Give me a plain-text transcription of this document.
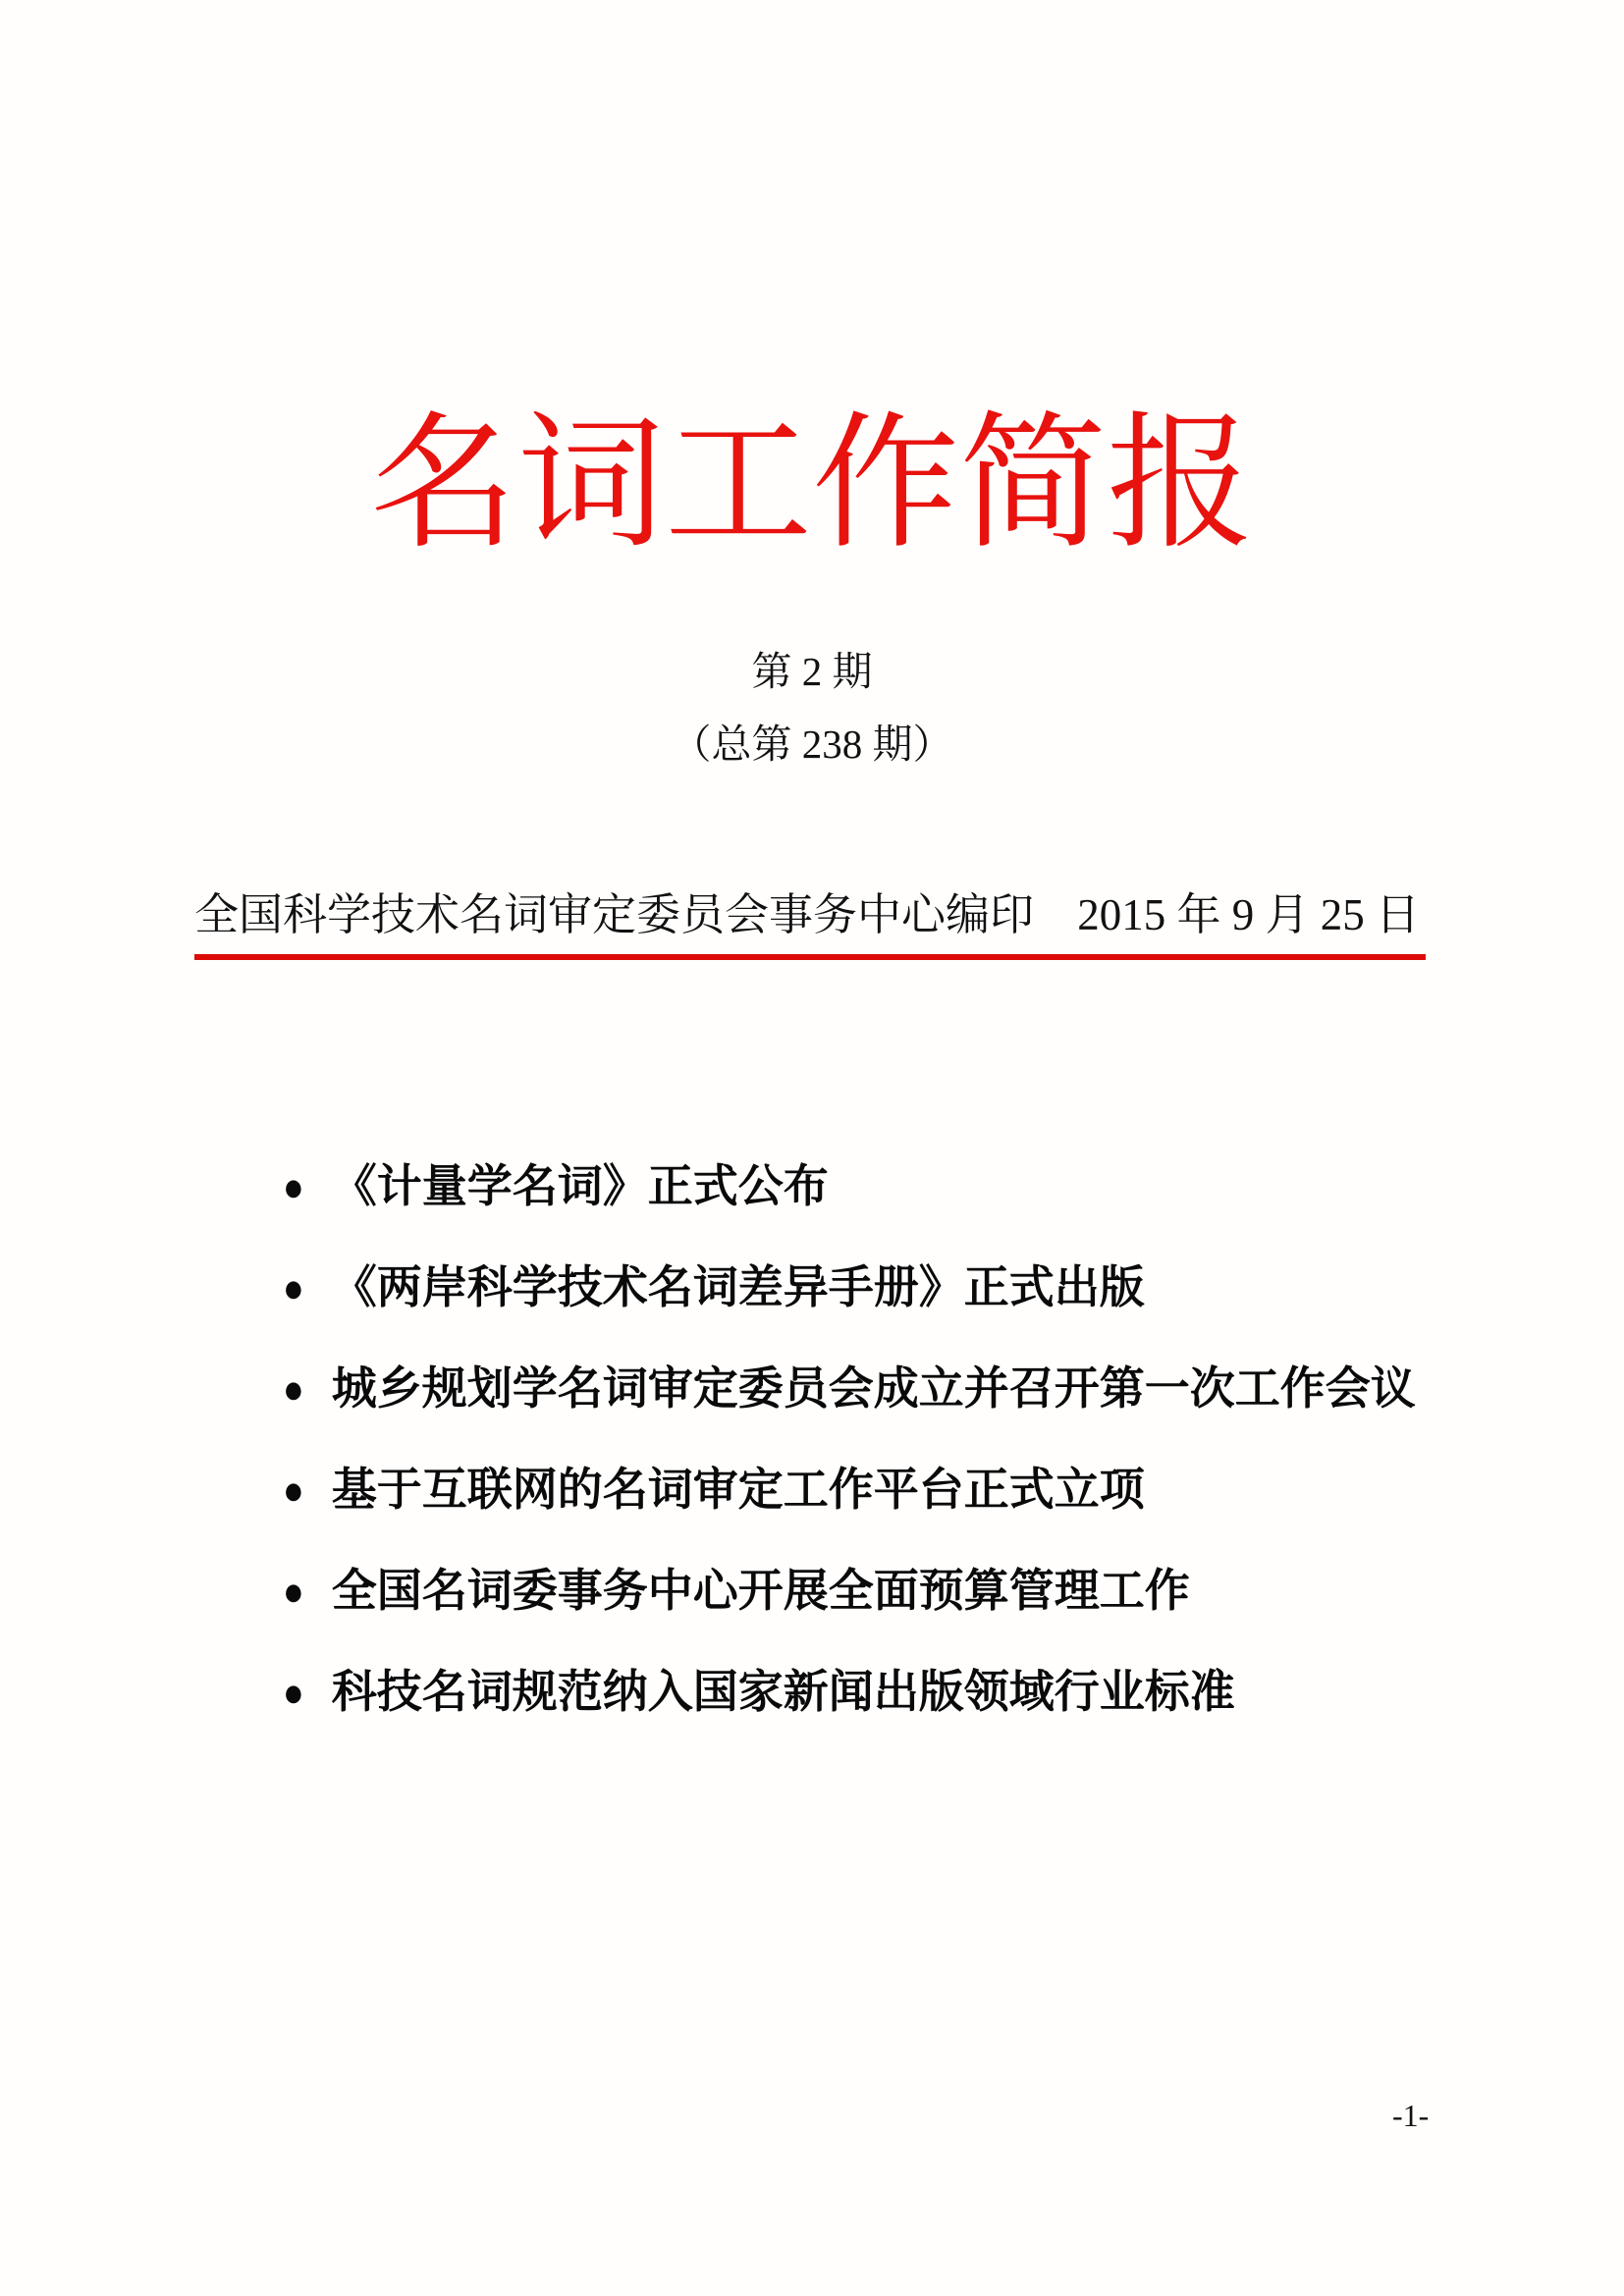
名词工作简报
第 2 期
（总第 238 期）
全国科学技术名词审定委员会事务中心编印 2015 年 9 月 25 日
● 《计量学名词》正式公布
● 《两岸科学技术名词差异手册》正式出版
● 城乡规划学名词审定委员会成立并召开第一次工作会议
● 基于互联网的名词审定工作平台正式立项
● 全国名词委事务中心开展全面预算管理工作
● 科技名词规范纳入国家新闻出版领域行业标准
-1-
